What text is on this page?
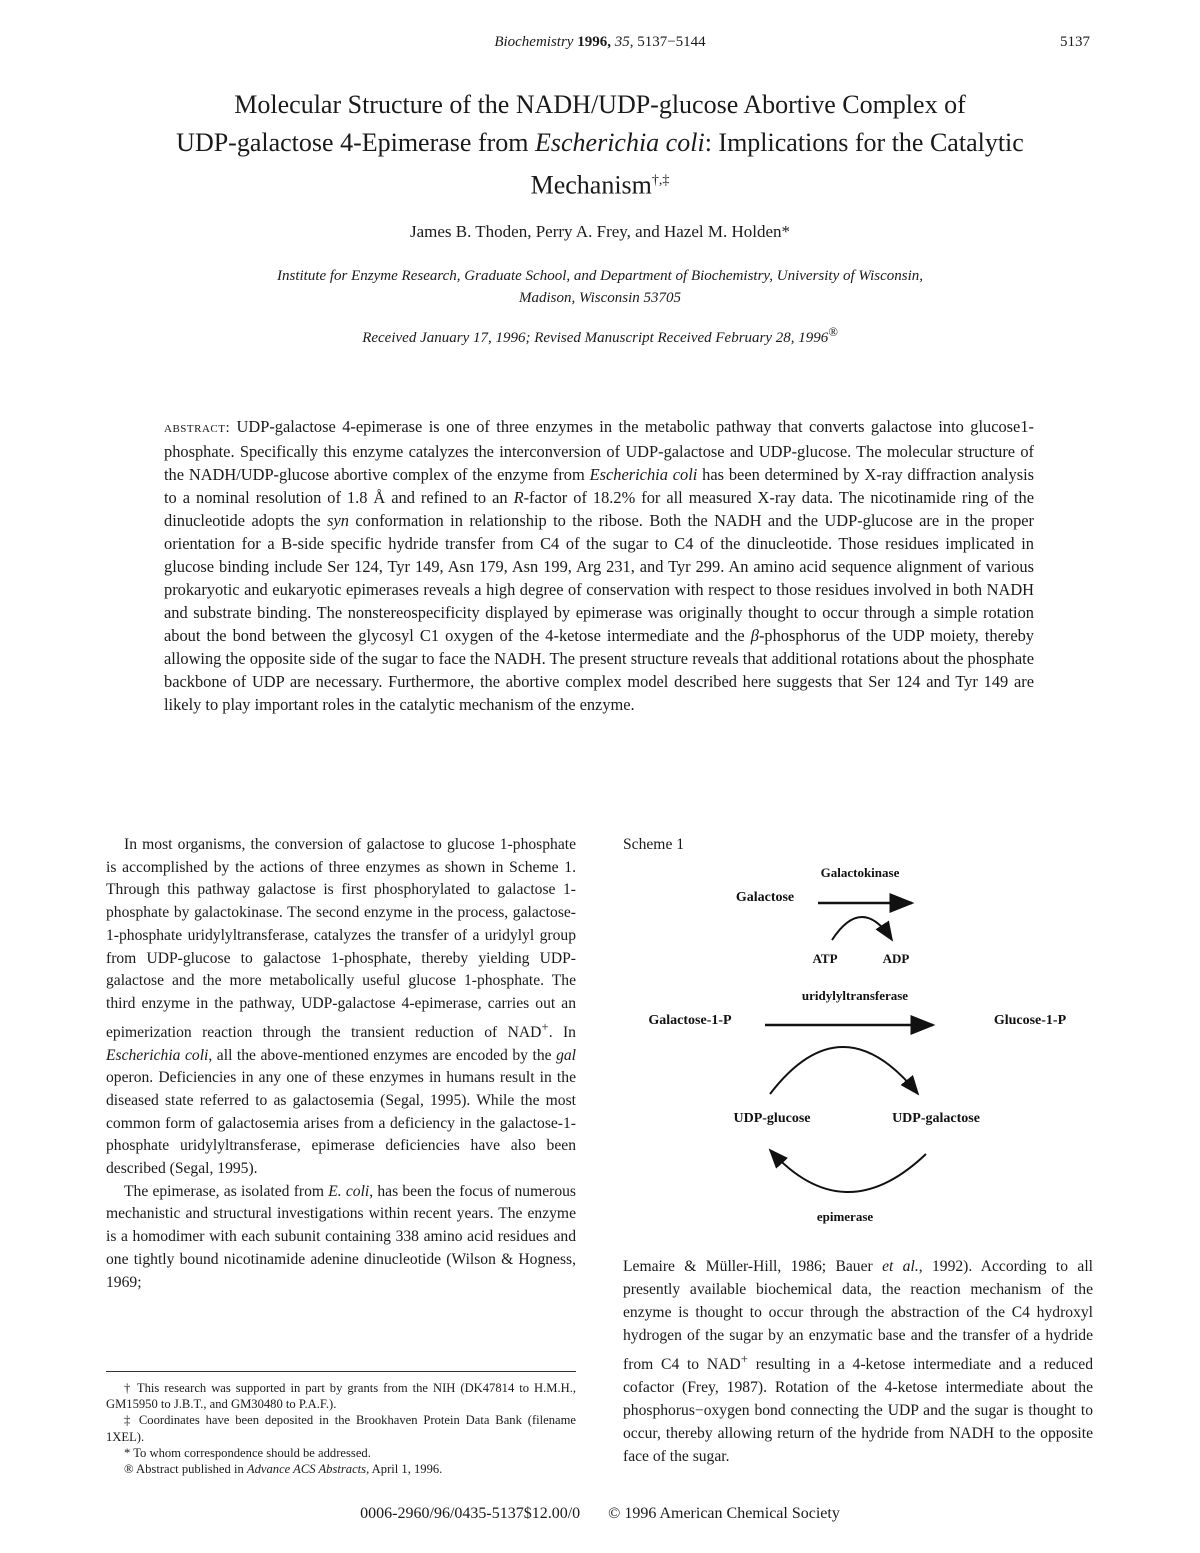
Biochemistry 1996, 35, 5137−5144	5137
Molecular Structure of the NADH/UDP-glucose Abortive Complex of
UDP-galactose 4-Epimerase from Escherichia coli: Implications for the Catalytic
Mechanism†,‡
James B. Thoden, Perry A. Frey, and Hazel M. Holden*
Institute for Enzyme Research, Graduate School, and Department of Biochemistry, University of Wisconsin,
Madison, Wisconsin 53705
Received January 17, 1996; Revised Manuscript Received February 28, 1996®
abstract: UDP-galactose 4-epimerase is one of three enzymes in the metabolic pathway that converts galactose into glucose1-phosphate. Specifically this enzyme catalyzes the interconversion of UDP-galactose and UDP-glucose. The molecular structure of the NADH/UDP-glucose abortive complex of the enzyme from Escherichia coli has been determined by X-ray diffraction analysis to a nominal resolution of 1.8 Å and refined to an R-factor of 18.2% for all measured X-ray data. The nicotinamide ring of the dinucleotide adopts the syn conformation in relationship to the ribose. Both the NADH and the UDP-glucose are in the proper orientation for a B-side specific hydride transfer from C4 of the sugar to C4 of the dinucleotide. Those residues implicated in glucose binding include Ser 124, Tyr 149, Asn 179, Asn 199, Arg 231, and Tyr 299. An amino acid sequence alignment of various prokaryotic and eukaryotic epimerases reveals a high degree of conservation with respect to those residues involved in both NADH and substrate binding. The nonstereospecificity displayed by epimerase was originally thought to occur through a simple rotation about the bond between the glycosyl C1 oxygen of the 4-ketose intermediate and the β-phosphorus of the UDP moiety, thereby allowing the opposite side of the sugar to face the NADH. The present structure reveals that additional rotations about the phosphate backbone of UDP are necessary. Furthermore, the abortive complex model described here suggests that Ser 124 and Tyr 149 are likely to play important roles in the catalytic mechanism of the enzyme.

In most organisms, the conversion of galactose to glucose 1-phosphate is accomplished by the actions of three enzymes as shown in Scheme 1. Through this pathway galactose is first phosphorylated to galactose 1-phosphate by galactokinase. The second enzyme in the process, galactose-1-phosphate uridylyltransferase, catalyzes the transfer of a uridylyl group from UDP-glucose to galactose 1-phosphate, thereby yielding UDP-galactose and the more metabolically useful glucose 1-phosphate. The third enzyme in the pathway, UDP-galactose 4-epimerase, carries out an epimerization reaction through the transient reduction of NAD+. In Escherichia coli, all the above-mentioned enzymes are encoded by the gal operon. Deficiencies in any one of these enzymes in humans result in the diseased state referred to as galactosemia (Segal, 1995). While the most common form of galactosemia arises from a deficiency in the galactose-1-phosphate uridylyltransferase, epimerase deficiencies have also been described (Segal, 1995).

The epimerase, as isolated from E. coli, has been the focus of numerous mechanistic and structural investigations within recent years. The enzyme is a homodimer with each subunit containing 338 amino acid residues and one tightly bound nicotinamide adenine dinucleotide (Wilson & Hogness, 1969;

† This research was supported in part by grants from the NIH (DK47814 to H.M.H., GM15950 to J.B.T., and GM30480 to P.A.F.).

‡ Coordinates have been deposited in the Brookhaven Protein Data Bank (filename 1XEL).

* To whom correspondence should be addressed.

® Abstract published in Advance ACS Abstracts, April 1, 1996.

Scheme 1
Galactokinase
Galactose
ATP	ADP
uridylyltransferase
Galactose-1-P	Glucose-1-P
UDP-glucose	UDP-galactose
epimerase

Lemaire & Müller-Hill, 1986; Bauer et al., 1992). According to all presently available biochemical data, the reaction mechanism of the enzyme is thought to occur through the abstraction of the C4 hydroxyl hydrogen of the sugar by an enzymatic base and the transfer of a hydride from C4 to NAD+ resulting in a 4-ketose intermediate and a reduced cofactor (Frey, 1987). Rotation of the 4-ketose intermediate about the phosphorus−oxygen bond connecting the UDP and the sugar is thought to occur, thereby allowing return of the hydride from NADH to the opposite face of the sugar.

0006-2960/96/0435-5137$12.00/0 © 1996 American Chemical Society
